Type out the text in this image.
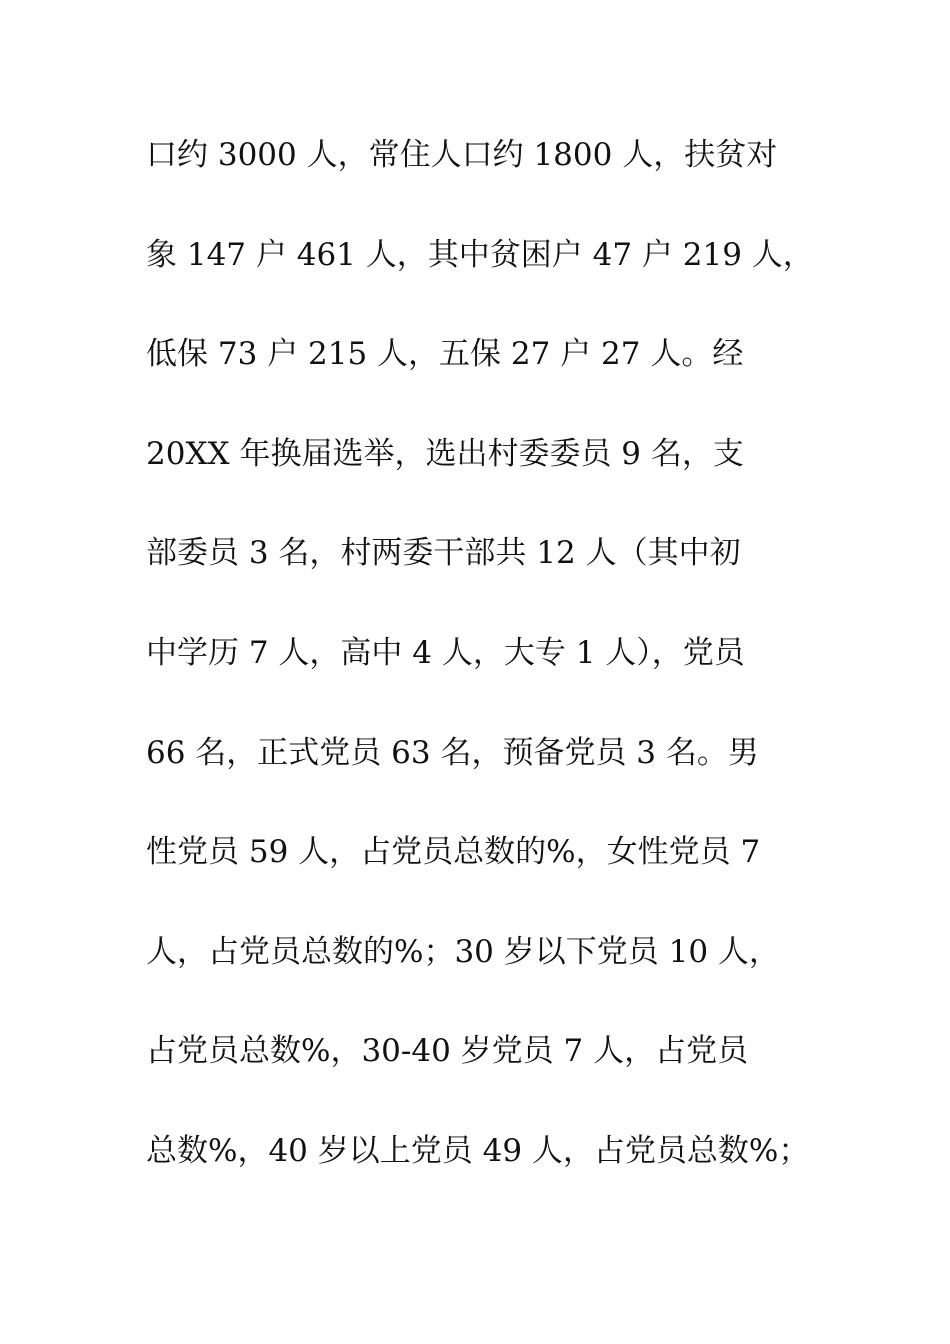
口约 3000 人，常住人口约 1800 人，扶贫对
象 147 户 461 人，其中贫困户 47 户 219 人，
低保 73 户 215 人，五保 27 户 27 人。经
20XX 年换届选举，选出村委委员 9 名，支
部委员 3 名，村两委干部共 12 人（其中初
中学历 7 人，高中 4 人，大专 1 人），党员
66 名，正式党员 63 名，预备党员 3 名。男
性党员 59 人，占党员总数的%，女性党员 7
人，占党员总数的%；30 岁以下党员 10 人，
占党员总数%，30-40 岁党员 7 人，占党员
总数%，40 岁以上党员 49 人，占党员总数%；
